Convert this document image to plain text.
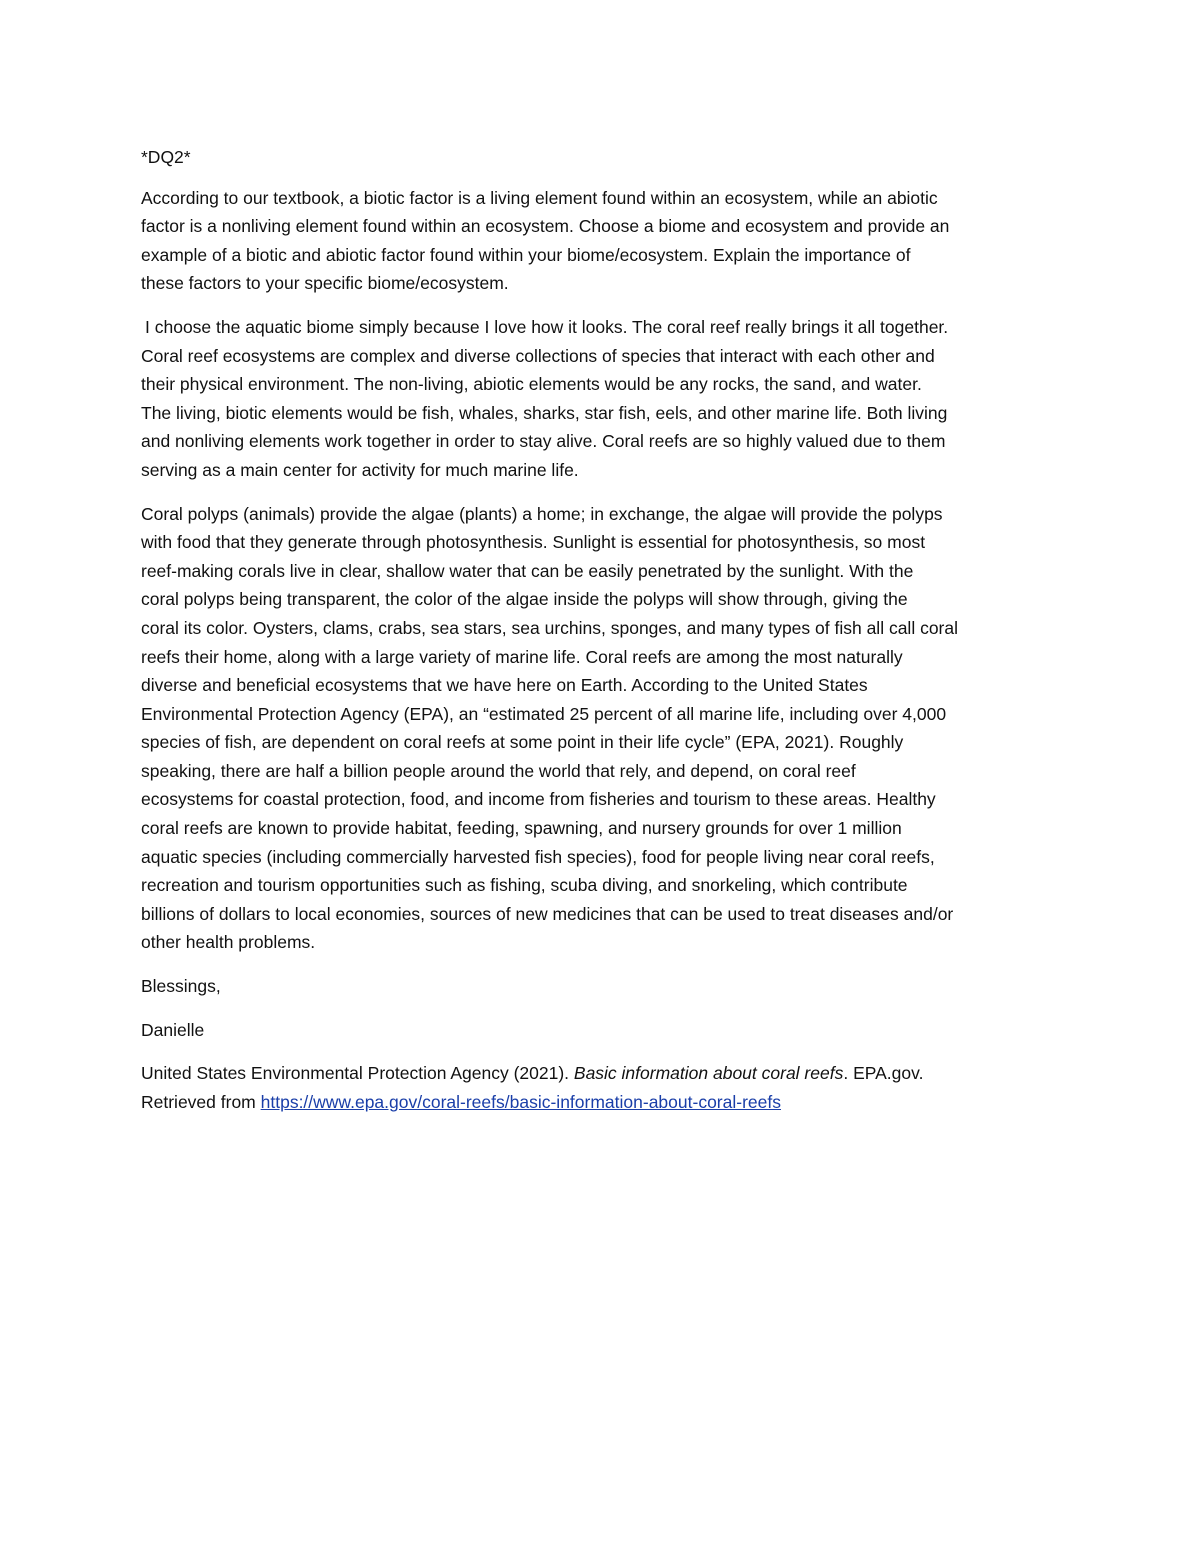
*DQ2*
According to our textbook, a biotic factor is a living element found within an ecosystem, while an abiotic
factor is a nonliving element found within an ecosystem. Choose a biome and ecosystem and provide an
example of a biotic and abiotic factor found within your biome/ecosystem. Explain the importance of
these factors to your specific biome/ecosystem.
I choose the aquatic biome simply because I love how it looks. The coral reef really brings it all together.
Coral reef ecosystems are complex and diverse collections of species that interact with each other and
their physical environment. The non-living, abiotic elements would be any rocks, the sand, and water.
The living, biotic elements would be fish, whales, sharks, star fish, eels, and other marine life. Both living
and nonliving elements work together in order to stay alive. Coral reefs are so highly valued due to them
serving as a main center for activity for much marine life.
Coral polyps (animals) provide the algae (plants) a home; in exchange, the algae will provide the polyps
with food that they generate through photosynthesis. Sunlight is essential for photosynthesis, so most
reef-making corals live in clear, shallow water that can be easily penetrated by the sunlight. With the
coral polyps being transparent, the color of the algae inside the polyps will show through, giving the
coral its color. Oysters, clams, crabs, sea stars, sea urchins, sponges, and many types of fish all call coral
reefs their home, along with a large variety of marine life. Coral reefs are among the most naturally
diverse and beneficial ecosystems that we have here on Earth. According to the United States
Environmental Protection Agency (EPA), an “estimated 25 percent of all marine life, including over 4,000
species of fish, are dependent on coral reefs at some point in their life cycle” (EPA, 2021). Roughly
speaking, there are half a billion people around the world that rely, and depend, on coral reef
ecosystems for coastal protection, food, and income from fisheries and tourism to these areas. Healthy
coral reefs are known to provide habitat, feeding, spawning, and nursery grounds for over 1 million
aquatic species (including commercially harvested fish species), food for people living near coral reefs,
recreation and tourism opportunities such as fishing, scuba diving, and snorkeling, which contribute
billions of dollars to local economies, sources of new medicines that can be used to treat diseases and/or
other health problems.
Blessings,
Danielle
United States Environmental Protection Agency (2021). Basic information about coral reefs. EPA.gov.
Retrieved from https://www.epa.gov/coral-reefs/basic-information-about-coral-reefs
